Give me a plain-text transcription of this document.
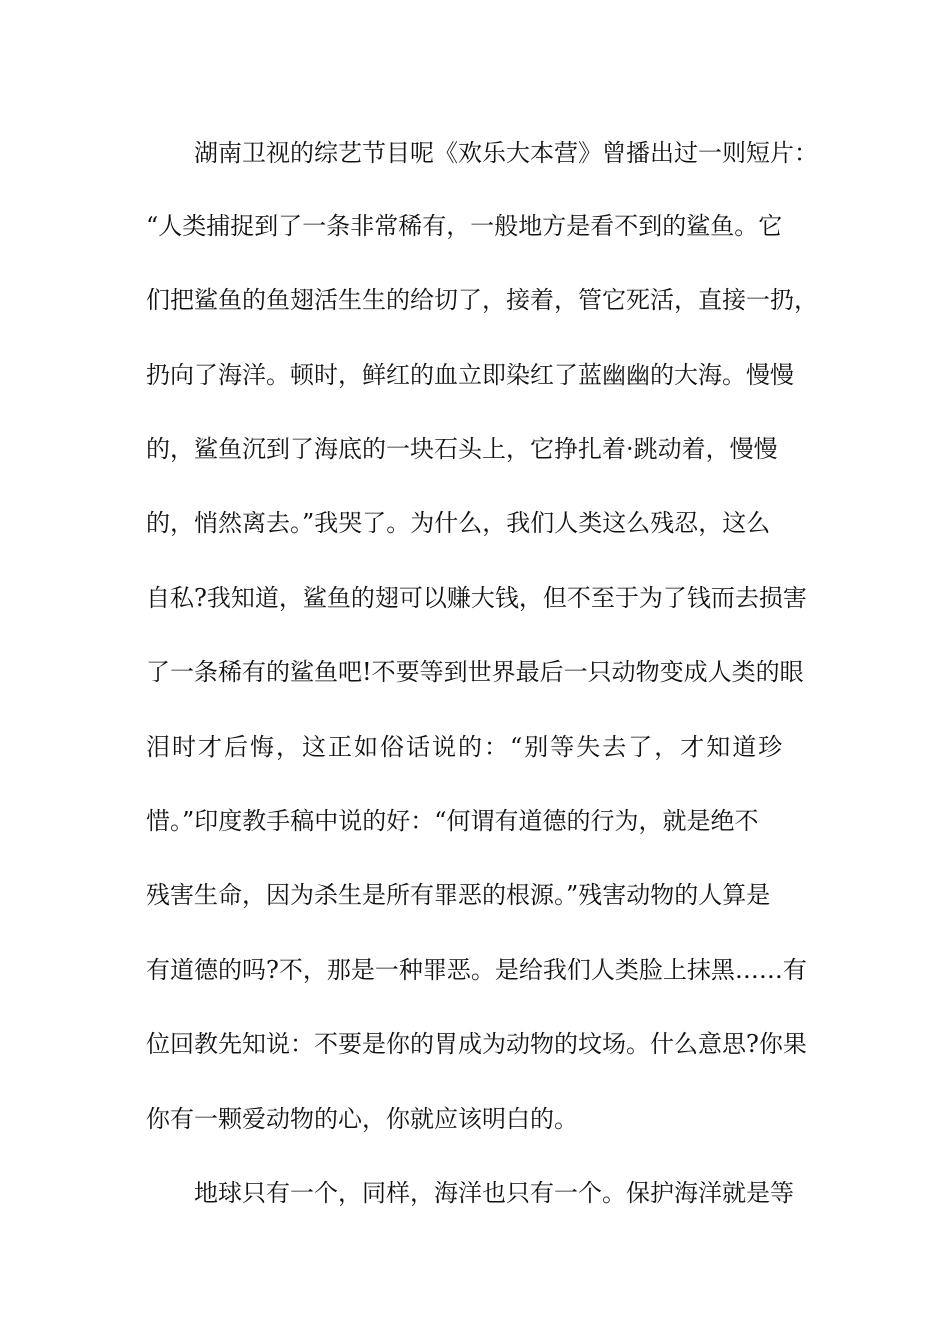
湖南卫视的综艺节目呢《欢乐大本营》曾播出过一则短片：
“人类捕捉到了一条非常稀有，一般地方是看不到的鲨鱼。它
们把鲨鱼的鱼翅活生生的给切了，接着，管它死活，直接一扔，
扔向了海洋。顿时，鲜红的血立即染红了蓝幽幽的大海。慢慢
的，鲨鱼沉到了海底的一块石头上，它挣扎着·跳动着，慢慢
的，悄然离去。”我哭了。为什么，我们人类这么残忍，这么
自私?我知道，鲨鱼的翅可以赚大钱，但不至于为了钱而去损害
了一条稀有的鲨鱼吧!不要等到世界最后一只动物变成人类的眼
泪时才后悔，这正如俗话说的：“别等失去了，才知道珍
惜。”印度教手稿中说的好：“何谓有道德的行为，就是绝不
残害生命，因为杀生是所有罪恶的根源。”残害动物的人算是
有道德的吗?不，那是一种罪恶。是给我们人类脸上抹黑……有
位回教先知说：不要是你的胃成为动物的坟场。什么意思?你果
你有一颗爱动物的心，你就应该明白的。
地球只有一个，同样，海洋也只有一个。保护海洋就是等
